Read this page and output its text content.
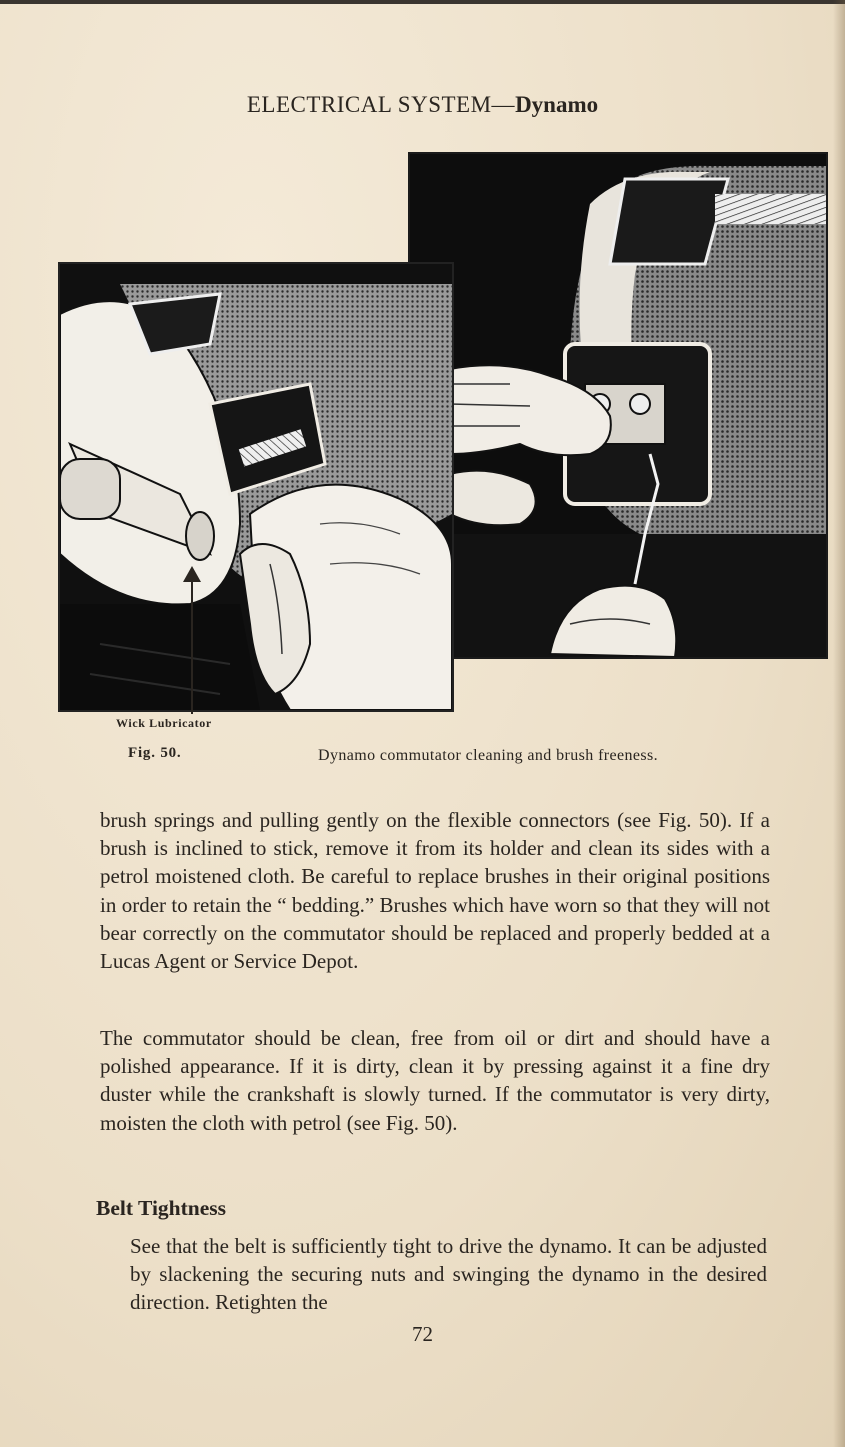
ELECTRICAL SYSTEM—Dynamo
Wick Lubricator
Fig. 50.	Dynamo commutator cleaning and brush freeness.

brush springs and pulling gently on the flexible connectors (see Fig. 50). If a brush is inclined to stick, remove it from its holder and clean its sides with a petrol moistened cloth. Be careful to replace brushes in their original positions in order to retain the “ bedding.” Brushes which have worn so that they will not bear correctly on the commutator should be replaced and properly bedded at a Lucas Agent or Service Depot.

The commutator should be clean, free from oil or dirt and should have a polished appearance. If it is dirty, clean it by pressing against it a fine dry duster while the crankshaft is slowly turned. If the commutator is very dirty, moisten the cloth with petrol (see Fig. 50).

Belt Tightness

See that the belt is sufficiently tight to drive the dynamo. It can be adjusted by slackening the securing nuts and swinging the dynamo in the desired direction. Retighten the

72
